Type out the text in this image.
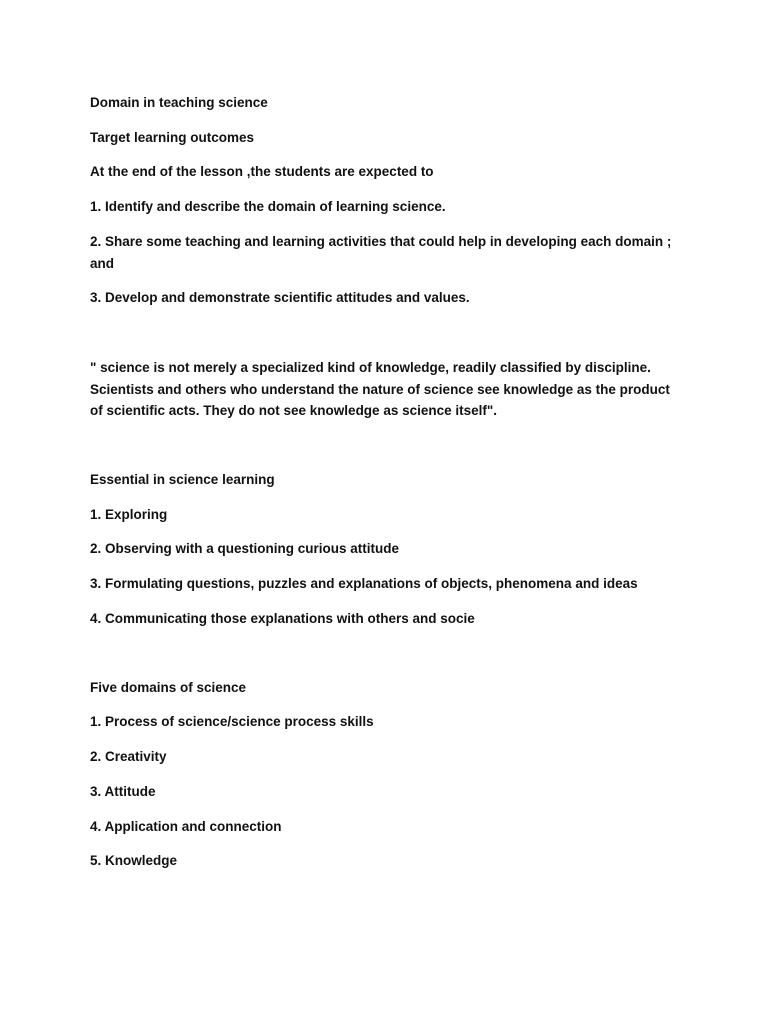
Domain in teaching science
Target learning outcomes
At the end of the lesson ,the students are expected to
1. Identify and describe the domain of learning science.
2. Share some teaching and learning activities that could help in developing each domain ; and
3. Develop and demonstrate scientific attitudes and values.
" science is not merely a specialized kind of knowledge, readily classified by discipline. Scientists and others who understand the nature of science see knowledge as the product of scientific acts. They do not see knowledge as science itself".
Essential in science learning
1. Exploring
2. Observing with a questioning curious attitude
3. Formulating questions, puzzles and explanations of objects, phenomena and ideas
4. Communicating those explanations with others and socie
Five domains of science
1. Process of science/science process skills
2. Creativity
3. Attitude
4. Application and connection
5. Knowledge
